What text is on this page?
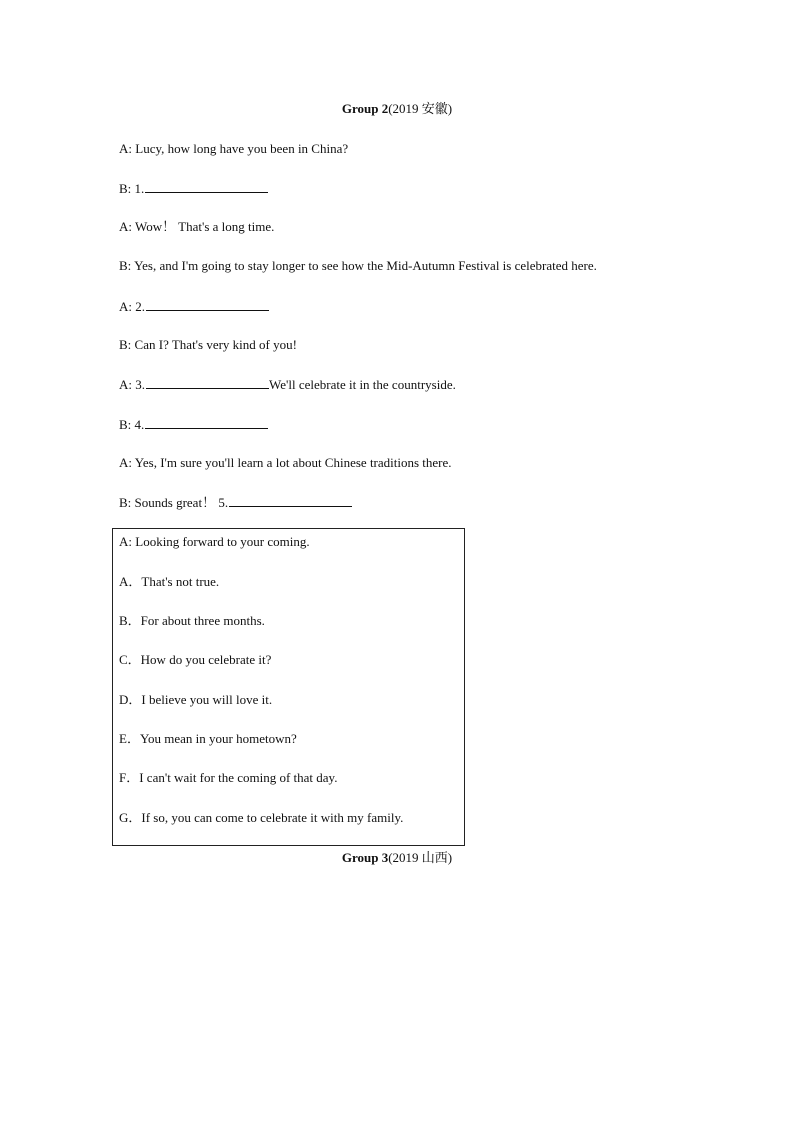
Group 2(2019 安徽)
A: Lucy, how long have you been in China?
B: 1.
A: Wow！ That's a long time.
B: Yes, and I'm going to stay longer to see how the Mid-Autumn Festival is celebrated here.
A: 2.
B: Can I? That's very kind of you!
A: 3.	We'll celebrate it in the countryside.
B: 4.
A: Yes, I'm sure you'll learn a lot about Chinese traditions there.
B: Sounds great！ 5.
A: Looking forward to your coming.
A．That's not true.
B．For about three months.
C．How do you celebrate it?
D．I believe you will love it.
E．You mean in your hometown?
F．I can't wait for the coming of that day.
G．If so, you can come to celebrate it with my family.
Group 3(2019 山西)
